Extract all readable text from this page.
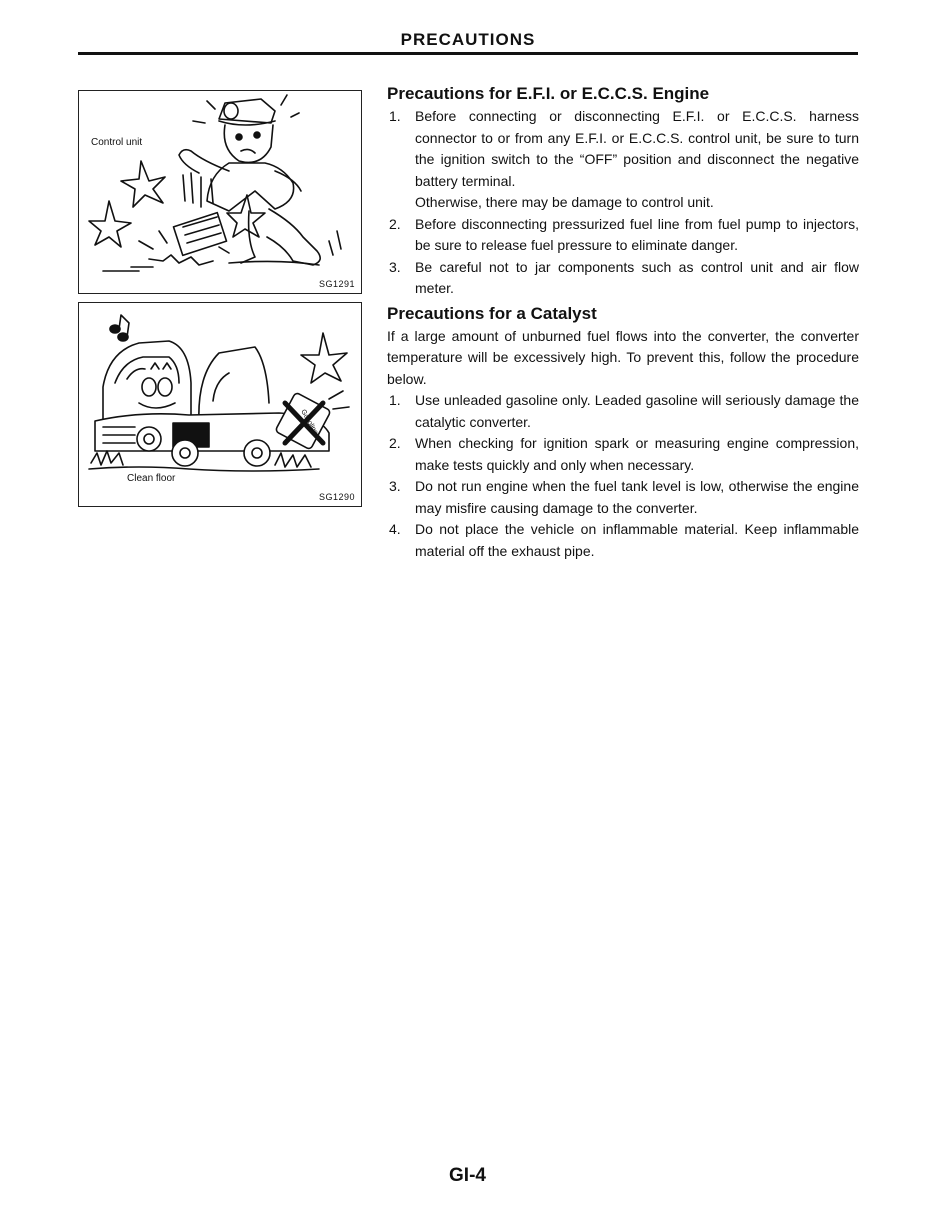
PRECAUTIONS
Control unit
SG1291
Gasoline
Clean floor
SG1290
Precautions for E.F.I. or E.C.C.S. Engine
1. Before connecting or disconnecting E.F.I. or E.C.C.S. harness connector to or from any E.F.I. or E.C.C.S. control unit, be sure to turn the ignition switch to the “OFF” position and disconnect the negative battery terminal.
Otherwise, there may be damage to control unit.
2. Before disconnecting pressurized fuel line from fuel pump to injectors, be sure to release fuel pressure to eliminate danger.
3. Be careful not to jar components such as control unit and air flow meter.
Precautions for a Catalyst

If a large amount of unburned fuel flows into the converter, the converter temperature will be excessively high. To prevent this, follow the procedure below.

1. Use unleaded gasoline only. Leaded gasoline will seriously damage the catalytic converter.
2. When checking for ignition spark or measuring engine compression, make tests quickly and only when necessary.
3. Do not run engine when the fuel tank level is low, otherwise the engine may misfire causing damage to the converter.
4. Do not place the vehicle on inflammable material. Keep inflammable material off the exhaust pipe.
GI-4
